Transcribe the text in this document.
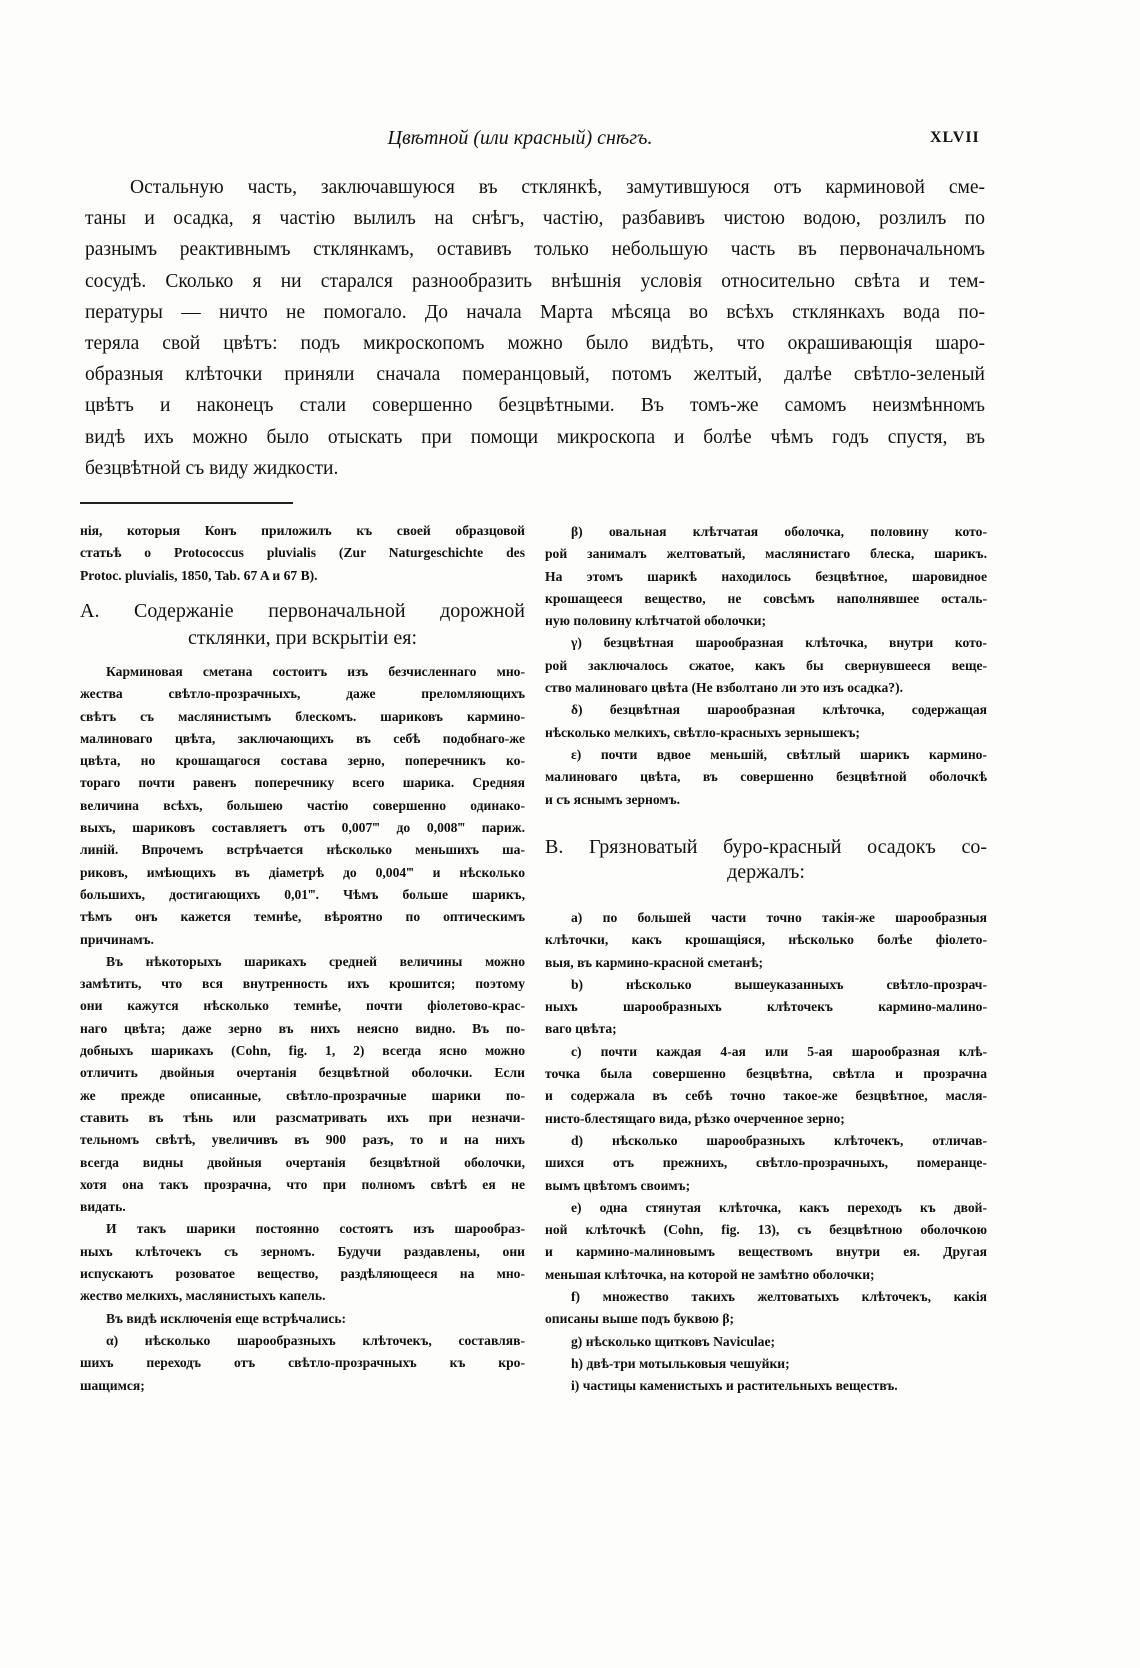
Цвѣтной (или красный) снѣгъ.	XLVII
Остальную часть, заключавшуюся въ стклянкѣ, замутившуюся отъ карминовой сме-
таны и осадка, я частію вылилъ на снѣгъ, частію, разбавивъ чистою водою, розлилъ по
разнымъ реактивнымъ стклянкамъ, оставивъ только небольшую часть въ первоначальномъ
сосудѣ. Сколько я ни старался разнообразить внѣшнія условія относительно свѣта и тем-
пературы — ничто не помогало. До начала Марта мѣсяца во всѣхъ стклянкахъ вода по-
теряла свой цвѣтъ: подъ микроскопомъ можно было видѣть, что окрашивающія шаро-
образныя клѣточки приняли сначала померанцовый, потомъ желтый, далѣе свѣтло-зеленый
цвѣтъ и наконецъ стали совершенно безцвѣтными. Въ томъ-же самомъ неизмѣнномъ
видѣ ихъ можно было отыскать при помощи микроскопа и болѣе чѣмъ годъ спустя, въ
безцвѣтной съ виду жидкости.
нія, которыя Конъ приложилъ къ своей образцовой
статьѣ о Protococcus pluvialis (Zur Naturgeschichte des
Protoc. pluvialis, 1850, Tab. 67 A и 67 B).
А. Содержаніе первоначальной дорожной
стклянки, при вскрытіи ея:
Карминовая сметана состоитъ изъ безчисленнаго мно-
жества свѣтло-прозрачныхъ, даже преломляющихъ
свѣтъ съ маслянистымъ блескомъ. шариковъ кармино-
малиноваго цвѣта, заключающихъ въ себѣ подобнаго-же
цвѣта, но крошащагося состава зерно, поперечникъ ко-
тораго почти равенъ поперечнику всего шарика. Средняя
величина всѣхъ, большею частію совершенно одинако-
выхъ, шариковъ составляетъ отъ 0,007‴ до 0,008‴ париж.
линій. Впрочемъ встрѣчается нѣсколько меньшихъ ша-
риковъ, имѣющихъ въ діаметрѣ до 0,004‴ и нѣсколько
большихъ, достигающихъ 0,01‴. Чѣмъ больше шарикъ,
тѣмъ онъ кажется темнѣе, вѣроятно по оптическимъ
причинамъ.
Въ нѣкоторыхъ шарикахъ средней величины можно
замѣтить, что вся внутренность ихъ крошится; поэтому
они кажутся нѣсколько темнѣе, почти фіолетово-крас-
наго цвѣта; даже зерно въ нихъ неясно видно. Въ по-
добныхъ шарикахъ (Cohn, fig. 1, 2) всегда ясно можно
отличить двойныя очертанія безцвѣтной оболочки. Если
же прежде описанные, свѣтло-прозрачные шарики по-
ставить въ тѣнь или разсматривать ихъ при незначи-
тельномъ свѣтѣ, увеличивъ въ 900 разъ, то и на нихъ
всегда видны двойныя очертанія безцвѣтной оболочки,
хотя она такъ прозрачна, что при полномъ свѣтѣ ея не
видать.
И такъ шарики постоянно состоятъ изъ шарообраз-
ныхъ клѣточекъ съ зерномъ. Будучи раздавлены, они
испускаютъ розоватое вещество, раздѣляющееся на мно-
жество мелкихъ, маслянистыхъ капель.
Въ видѣ исключенія еще встрѣчались:
α) нѣсколько шарообразныхъ клѣточекъ, составляв-
шихъ переходъ отъ свѣтло-прозрачныхъ къ кро-
шащимся;
β) овальная клѣтчатая оболочка, половину кото-
рой занималъ желтоватый, маслянистаго блеска, шарикъ.
На этомъ шарикѣ находилось безцвѣтное, шаровидное
крошащееся вещество, не совсѣмъ наполнявшее осталь-
ную половину клѣтчатой оболочки;
γ) безцвѣтная шарообразная клѣточка, внутри кото-
рой заключалось сжатое, какъ бы свернувшееся веще-
ство малиноваго цвѣта (Не взболтано ли это изъ осадка?).
δ) безцвѣтная шарообразная клѣточка, содержащая
нѣсколько мелкихъ, свѣтло-красныхъ зернышекъ;
ε) почти вдвое меньшій, свѣтлый шарикъ кармино-
малиноваго цвѣта, въ совершенно безцвѣтной оболочкѣ
и съ яснымъ зерномъ.
В. Грязноватый буро-красный осадокъ со-
держалъ:
a) по большей части точно такія-же шарообразныя
клѣточки, какъ крошащіяся, нѣсколько болѣе фіолето-
выя, въ кармино-красной сметанѣ;
b) нѣсколько вышеуказанныхъ свѣтло-прозрач-
ныхъ шарообразныхъ клѣточекъ кармино-малино-
ваго цвѣта;
c) почти каждая 4-ая или 5-ая шарообразная клѣ-
точка была совершенно безцвѣтна, свѣтла и прозрачна
и содержала въ себѣ точно такое-же безцвѣтное, масля-
нисто-блестящаго вида, рѣзко очерченное зерно;
d) нѣсколько шарообразныхъ клѣточекъ, отличав-
шихся отъ прежнихъ, свѣтло-прозрачныхъ, померанце-
вымъ цвѣтомъ своимъ;
e) одна стянутая клѣточка, какъ переходъ къ двой-
ной клѣточкѣ (Cohn, fig. 13), съ безцвѣтною оболочкою
и кармино-малиновымъ веществомъ внутри ея. Другая
меньшая клѣточка, на которой не замѣтно оболочки;
f) множество такихъ желтоватыхъ клѣточекъ, какія
описаны выше подъ буквою β;
g) нѣсколько щитковъ Naviculae;
h) двѣ-три мотыльковыя чешуйки;
i) частицы каменистыхъ и растительныхъ веществъ.
